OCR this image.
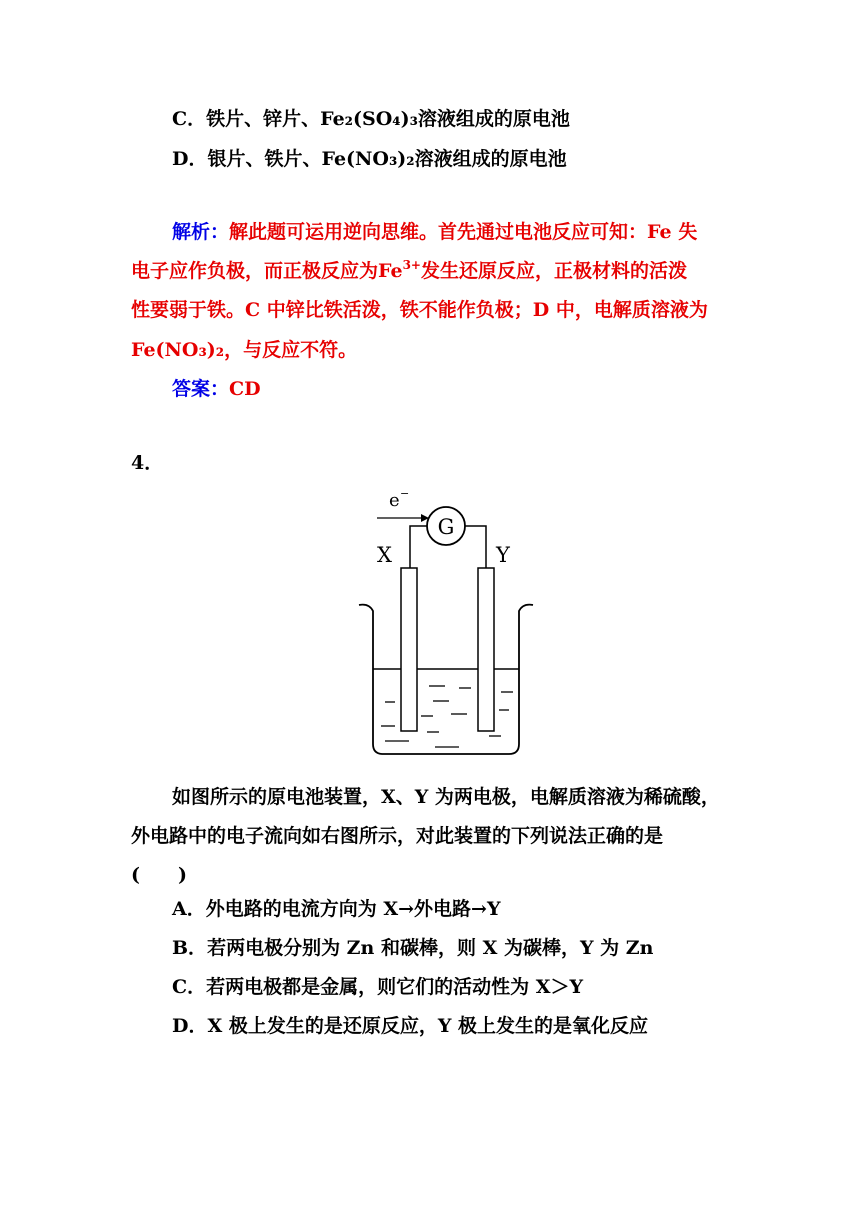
C．铁片、锌片、Fe₂(SO₄)₃溶液组成的原电池
D．银片、铁片、Fe(NO₃)₂溶液组成的原电池
解析：解此题可运用逆向思维。首先通过电池反应可知：Fe 失
电子应作负极，而正极反应为$Fe^{3+}$发生还原反应，正极材料的活泼
性要弱于铁。C 中锌比铁活泼，铁不能作负极；D 中，电解质溶液为
Fe(NO₃)₂，与反应不符。
答案：CD
4．
e −
G
X	Y
如图所示的原电池装置，X、Y 为两电极，电解质溶液为稀硫酸，
外电路中的电子流向如右图所示，对此装置的下列说法正确的是
(　　)
A．外电路的电流方向为 X→外电路→Y
B．若两电极分别为 Zn 和碳棒，则 X 为碳棒，Y 为 Zn
C．若两电极都是金属，则它们的活动性为 X＞Y
D．X 极上发生的是还原反应，Y 极上发生的是氧化反应
